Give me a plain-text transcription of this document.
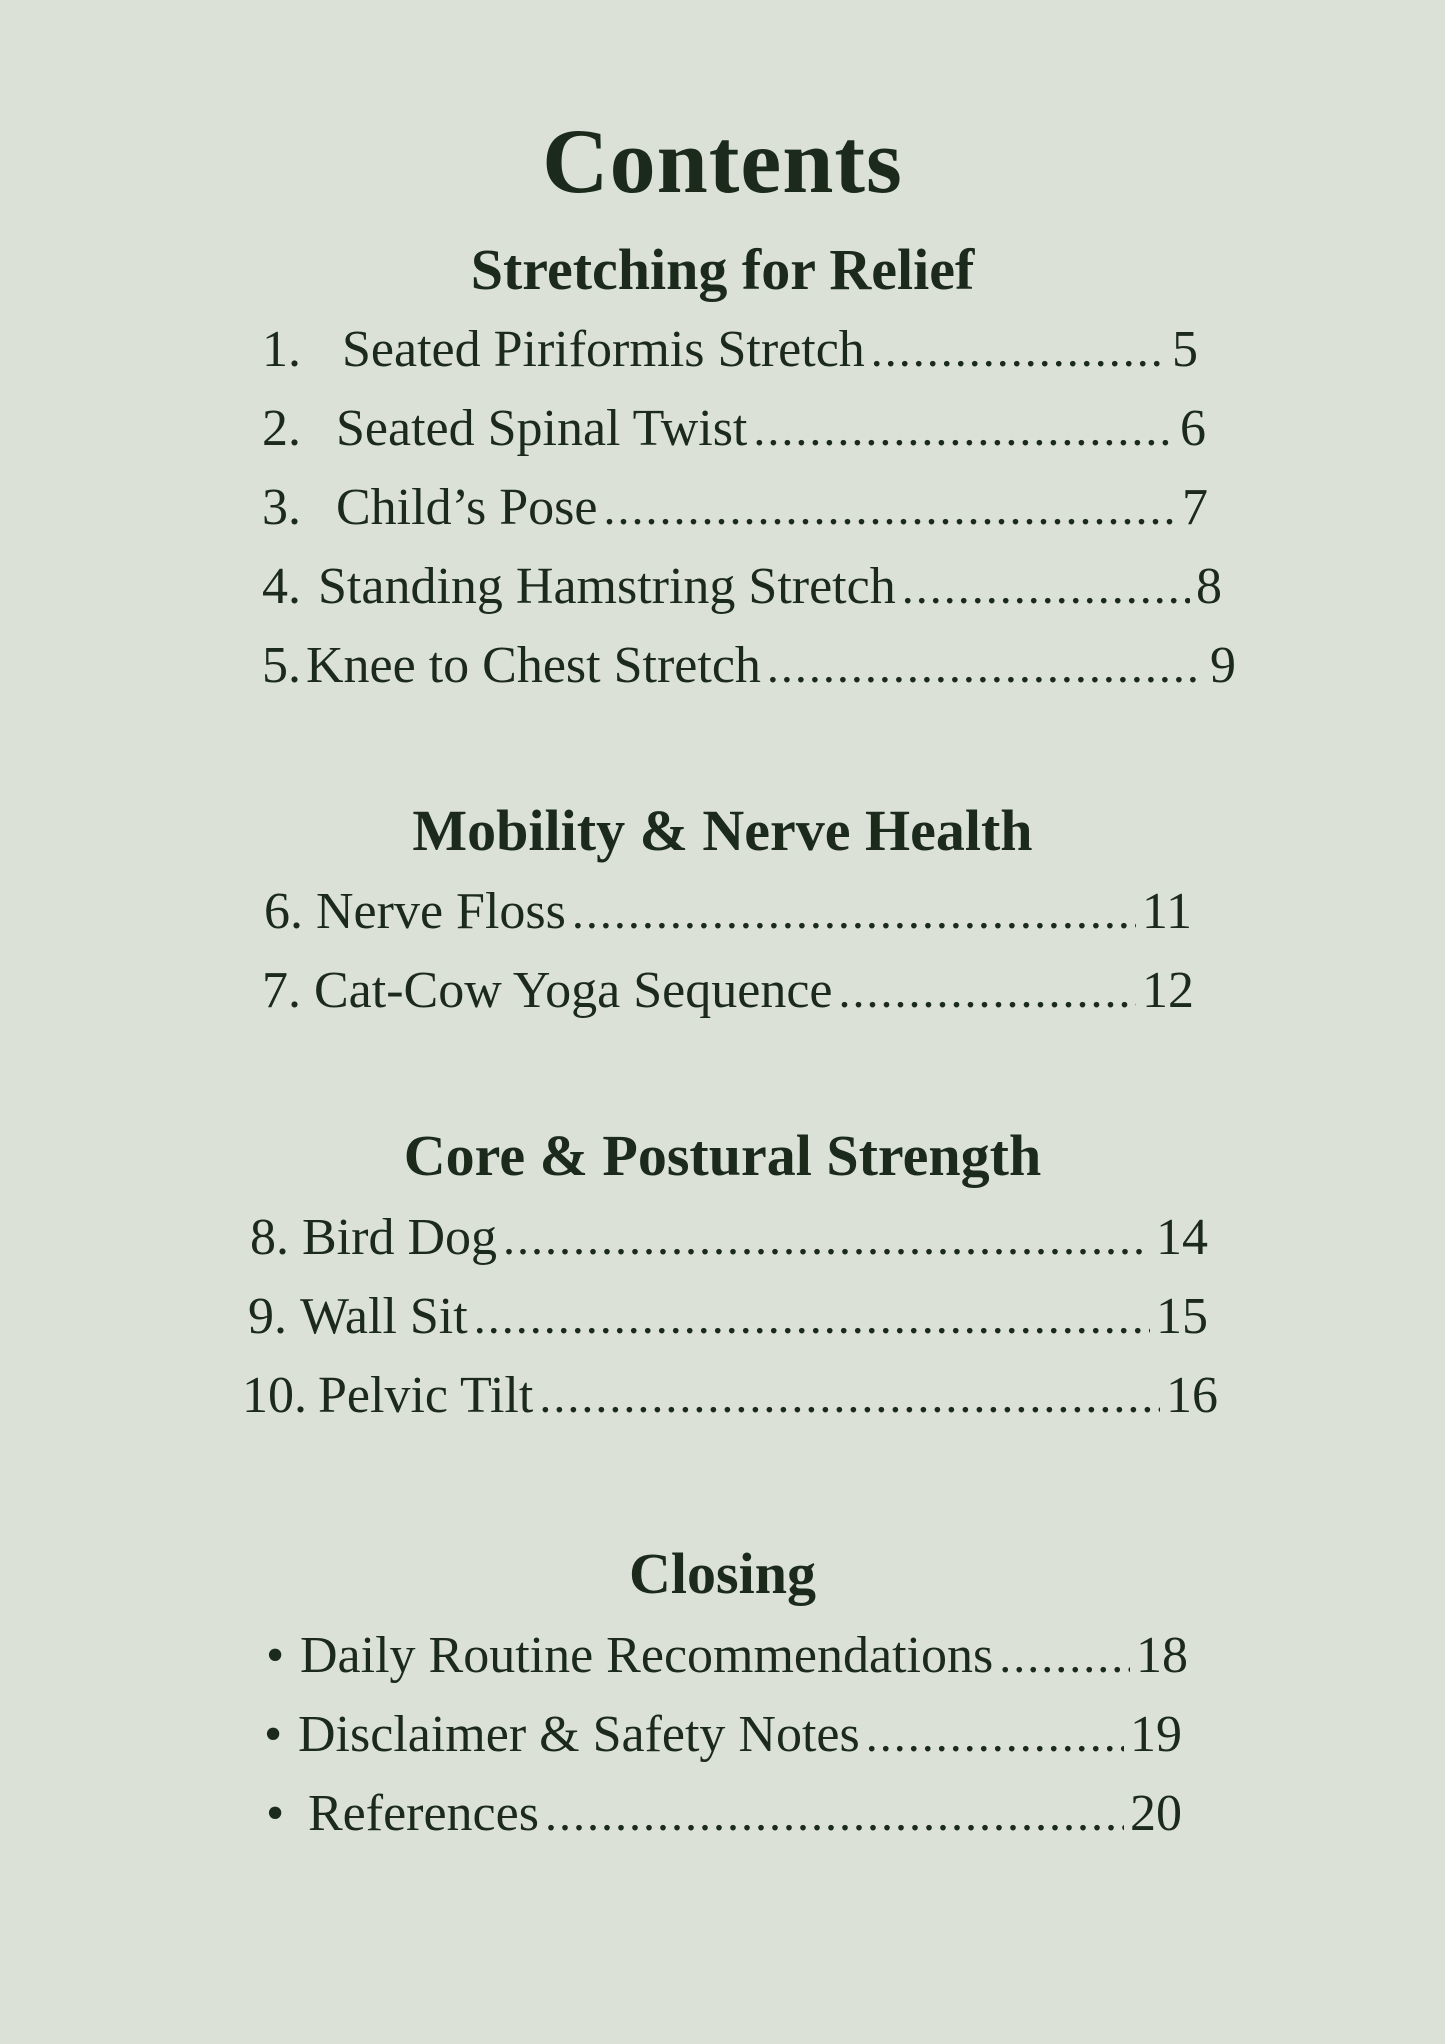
Contents
Stretching for Relief
1. Seated Piriformis Stretch .....	5
2. Seated Spinal Twist .....	6
3. Child’s Pose .....	7
4. Standing Hamstring Stretch .....	8
5. Knee to Chest Stretch .....	9
Mobility & Nerve Health
6. Nerve Floss .....	11
7. Cat-Cow Yoga Sequence .....	12
Core & Postural Strength
8. Bird Dog .....	14
9. Wall Sit .....	15
10. Pelvic Tilt .....	16
Closing
• Daily Routine Recommendations .....	18
• Disclaimer & Safety Notes .....	19
• References .....	20
